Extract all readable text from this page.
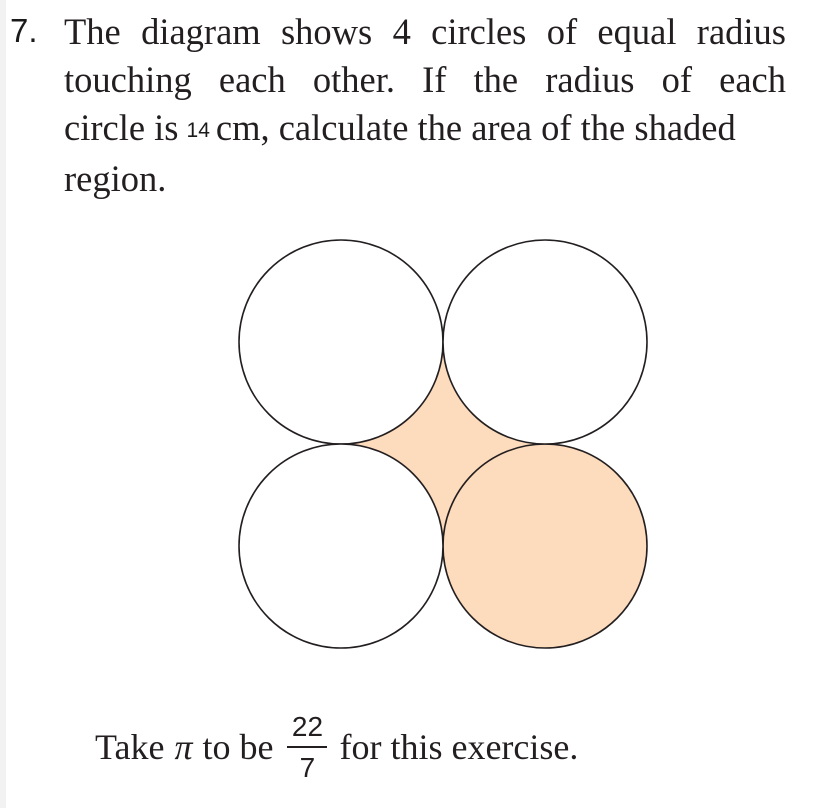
7. The diagram shows 4 circles of equal radius
touching each other. If the radius of each
circle is 14 cm, calculate the area of the shaded
region.
Take π to be $\frac{22}{7}$ for this exercise.
